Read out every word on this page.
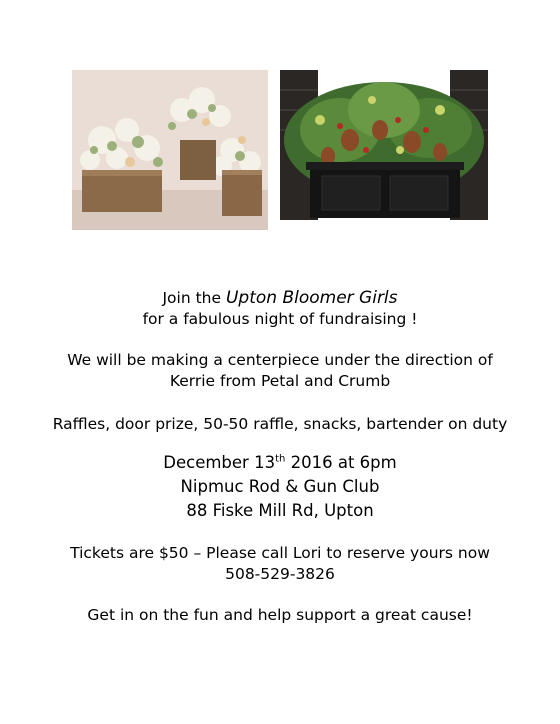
Join the Upton Bloomer Girls

for a fabulous night of fundraising !

We will be making a centerpiece under the direction of

Kerrie from Petal and Crumb

Raffles, door prize, 50-50 raffle, snacks, bartender on duty

December 13th 2016 at 6pm

Nipmuc Rod & Gun Club

88 Fiske Mill Rd, Upton

Tickets are $50 – Please call Lori to reserve yours now

508-529-3826

Get in on the fun and help support a great cause!
